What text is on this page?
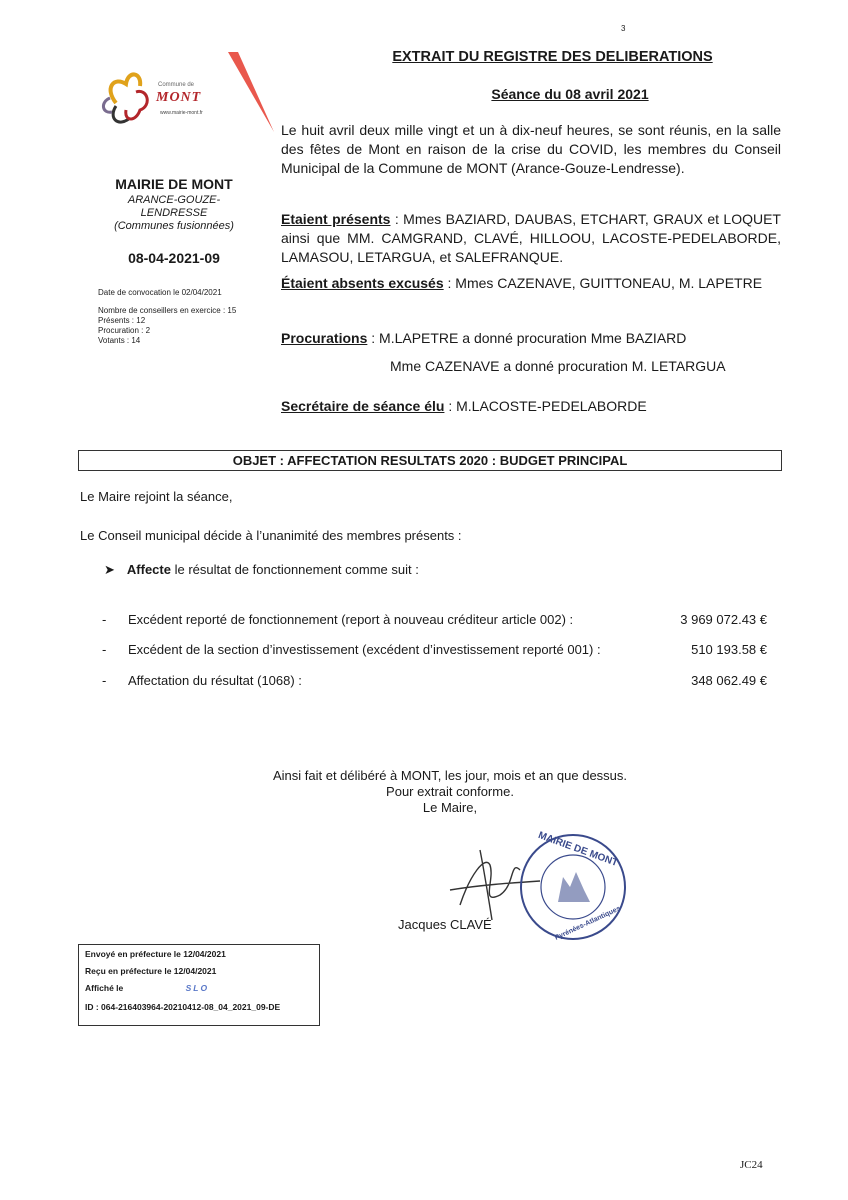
3
Commune de
MONT
www.mairie-mont.fr
MAIRIE DE MONT
ARANCE-GOUZE-LENDRESSE
(Communes fusionnées)
08-04-2021-09
Date de convocation le 02/04/2021
Nombre de conseillers en exercice : 15
Présents : 12
Procuration : 2
Votants : 14
EXTRAIT DU REGISTRE DES DELIBERATIONS
Séance du 08 avril 2021
Le huit avril deux mille vingt et un à dix-neuf heures, se sont réunis, en la salle des fêtes de Mont en raison de la crise du COVID, les membres du Conseil Municipal de la Commune de MONT (Arance-Gouze-Lendresse).
Etaient présents : Mmes BAZIARD, DAUBAS, ETCHART, GRAUX et LOQUET ainsi que MM. CAMGRAND, CLAVÉ, HILLOOU, LACOSTE-PEDELABORDE, LAMASOU, LETARGUA, et SALEFRANQUE.
Étaient absents excusés : Mmes CAZENAVE, GUITTONEAU, M. LAPETRE
Procurations : M.LAPETRE a donné procuration Mme BAZIARD
Mme CAZENAVE a donné procuration M. LETARGUA
Secrétaire de séance élu : M.LACOSTE-PEDELABORDE
OBJET : AFFECTATION RESULTATS 2020 : BUDGET PRINCIPAL
Le Maire rejoint la séance,
Le Conseil municipal décide à l’unanimité des membres présents :
➤ Affecte le résultat de fonctionnement comme suit :
- Excédent reporté de fonctionnement (report à nouveau créditeur article 002) :	3 969 072.43 €
- Excédent de la section d’investissement (excédent d’investissement reporté 001) :	510 193.58 €
- Affectation du résultat (1068) :	348 062.49 €
Ainsi fait et délibéré à MONT, les jour, mois et an que dessus.
Pour extrait conforme.
Le Maire,
Jacques CLAVÉ
MAIRIE DE MONT
Pyrénées-Atlantiques
Envoyé en préfecture le 12/04/2021
Reçu en préfecture le 12/04/2021
Affiché le	SLO
ID : 064-216403964-20210412-08_04_2021_09-DE
JC24
